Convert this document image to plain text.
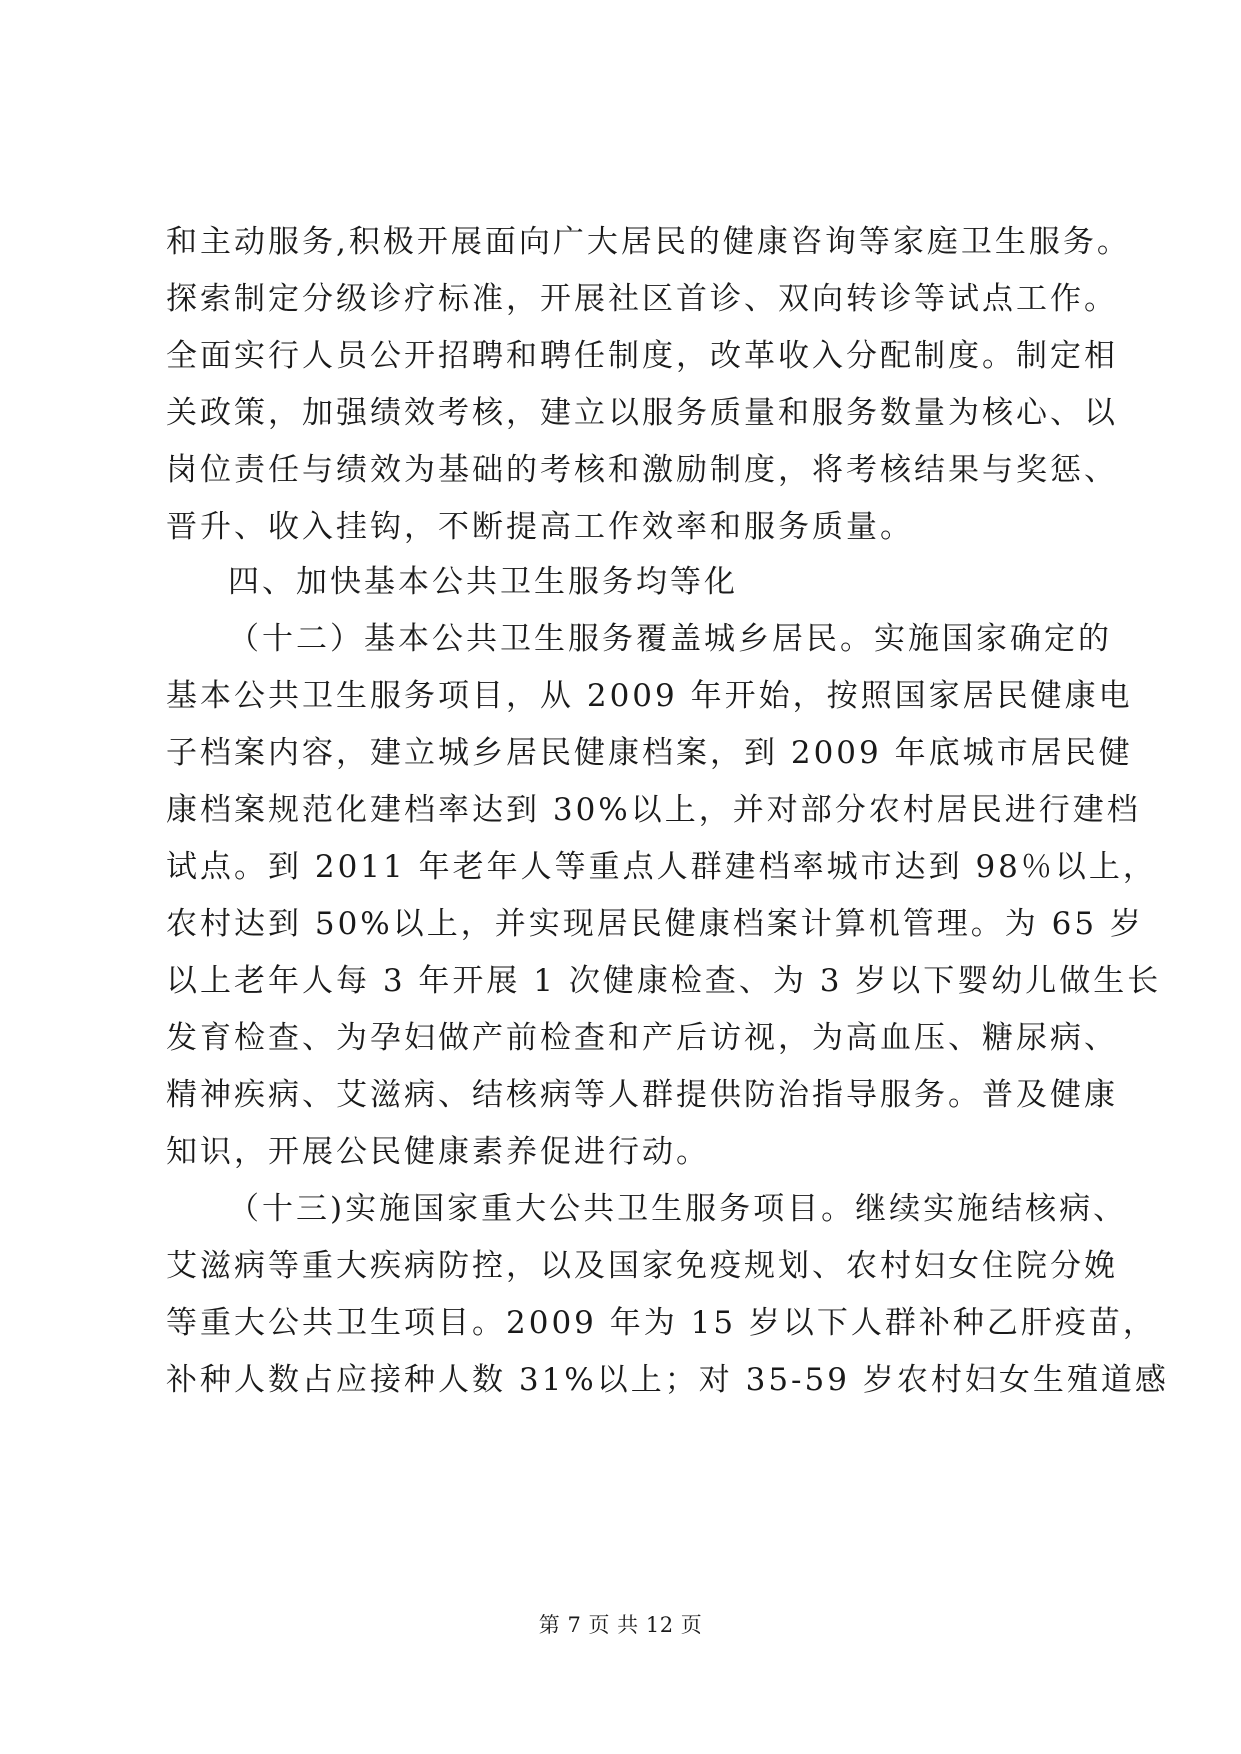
和主动服务,积极开展面向广大居民的健康咨询等家庭卫生服务。
探索制定分级诊疗标准，开展社区首诊、双向转诊等试点工作。
全面实行人员公开招聘和聘任制度，改革收入分配制度。制定相
关政策，加强绩效考核，建立以服务质量和服务数量为核心、以
岗位责任与绩效为基础的考核和激励制度，将考核结果与奖惩、
晋升、收入挂钩，不断提高工作效率和服务质量。
四、加快基本公共卫生服务均等化
（十二）基本公共卫生服务覆盖城乡居民。实施国家确定的
基本公共卫生服务项目，从 2009 年开始，按照国家居民健康电
子档案内容，建立城乡居民健康档案，到 2009 年底城市居民健
康档案规范化建档率达到 30%以上，并对部分农村居民进行建档
试点。到 2011 年老年人等重点人群建档率城市达到 98％以上，
农村达到 50%以上，并实现居民健康档案计算机管理。为 65 岁
以上老年人每 3 年开展 1 次健康检查、为 3 岁以下婴幼儿做生长
发育检查、为孕妇做产前检查和产后访视，为高血压、糖尿病、
精神疾病、艾滋病、结核病等人群提供防治指导服务。普及健康
知识，开展公民健康素养促进行动。
（十三)实施国家重大公共卫生服务项目。继续实施结核病、
艾滋病等重大疾病防控，以及国家免疫规划、农村妇女住院分娩
等重大公共卫生项目。2009 年为 15 岁以下人群补种乙肝疫苗，
补种人数占应接种人数 31%以上；对 35-59 岁农村妇女生殖道感
第 7 页 共 12 页
